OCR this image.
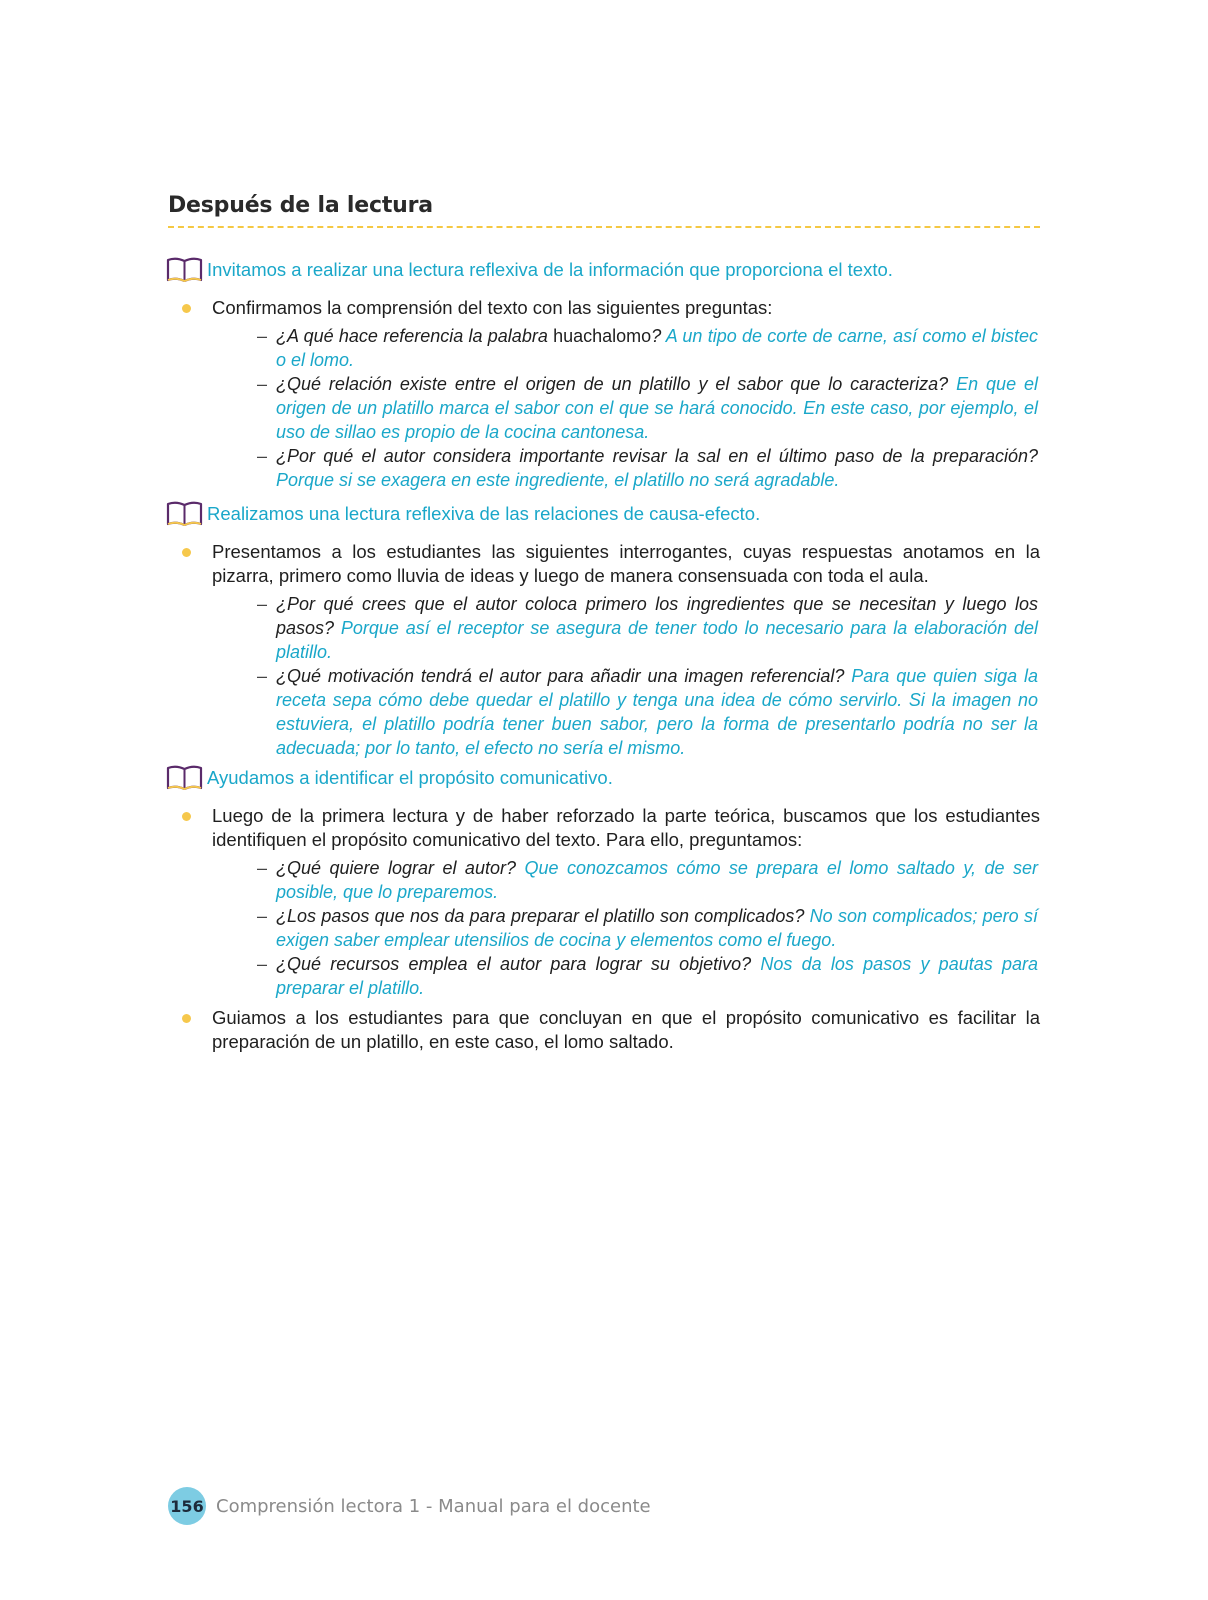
Después de la lectura
Invitamos a realizar una lectura reflexiva de la información que proporciona el texto.
Confirmamos la comprensión del texto con las siguientes preguntas:
– ¿A qué hace referencia la palabra huachalomo? A un tipo de corte de carne, así como el bistec o el lomo.
– ¿Qué relación existe entre el origen de un platillo y el sabor que lo caracteriza? En que el origen de un platillo marca el sabor con el que se hará conocido. En este caso, por ejemplo, el uso de sillao es propio de la cocina cantonesa.
– ¿Por qué el autor considera importante revisar la sal en el último paso de la preparación? Porque si se exagera en este ingrediente, el platillo no será agradable.
Realizamos una lectura reflexiva de las relaciones de causa-efecto.
Presentamos a los estudiantes las siguientes interrogantes, cuyas respuestas anotamos en la pizarra, primero como lluvia de ideas y luego de manera consensuada con toda el aula.
– ¿Por qué crees que el autor coloca primero los ingredientes que se necesitan y luego los pasos? Porque así el receptor se asegura de tener todo lo necesario para la elaboración del platillo.
– ¿Qué motivación tendrá el autor para añadir una imagen referencial? Para que quien siga la receta sepa cómo debe quedar el platillo y tenga una idea de cómo servirlo. Si la imagen no estuviera, el platillo podría tener buen sabor, pero la forma de presentarlo podría no ser la adecuada; por lo tanto, el efecto no sería el mismo.
Ayudamos a identificar el propósito comunicativo.
Luego de la primera lectura y de haber reforzado la parte teórica, buscamos que los estudiantes identifiquen el propósito comunicativo del texto. Para ello, preguntamos:
– ¿Qué quiere lograr el autor? Que conozcamos cómo se prepara el lomo saltado y, de ser posible, que lo preparemos.
– ¿Los pasos que nos da para preparar el platillo son complicados? No son complicados; pero sí exigen saber emplear utensilios de cocina y elementos como el fuego.
– ¿Qué recursos emplea el autor para lograr su objetivo? Nos da los pasos y pautas para preparar el platillo.
Guiamos a los estudiantes para que concluyan en que el propósito comunicativo es facilitar la preparación de un platillo, en este caso, el lomo saltado.
156 Comprensión lectora 1 - Manual para el docente
